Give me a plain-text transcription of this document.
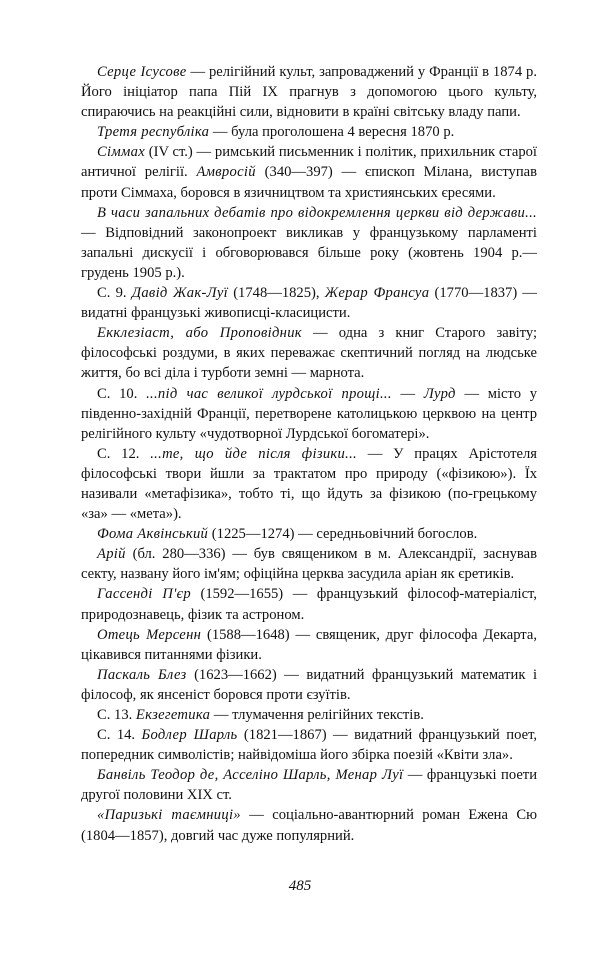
Серце Ісусове — релігійний культ, запроваджений у Франції в 1874 р. Його ініціатор папа Пій IX прагнув з допомогою цього культу, спираючись на реакційні сили, відновити в країні світську владу папи.

Третя республіка — була проголошена 4 вересня 1870 р.

Сіммах (IV ст.) — римський письменник і політик, прихильник старої античної релігії. Амвросій (340—397) — єпископ Мілана, виступав проти Сіммаха, боровся в язичництвом та християнських єресями.

В часи запальних дебатів про відокремлення церкви від держави... — Відповідний законопроект викликав у французькому парламенті запальні дискусії і обговорювався більше року (жовтень 1904 р.— грудень 1905 р.).

С. 9. Давід Жак-Луї (1748—1825), Жерар Франсуа (1770—1837) — видатні французькі живописці-класицисти.

Екклезіаст, або Проповідник — одна з книг Старого завіту; філософські роздуми, в яких переважає скептичний погляд на людське життя, бо всі діла і турботи земні — марнота.

С. 10. ...під час великої лурдської прощі... — Лурд — місто у південно-західній Франції, перетворене католицькою церквою на центр релігійного культу «чудотворної Лурдської богоматері».

С. 12. ...те, що йде після фізики... — У працях Арістотеля філософські твори йшли за трактатом про природу («фізикою»). Їх називали «метафізика», тобто ті, що йдуть за фізикою (по-грецькому «за» — «мета»).

Фома Аквінський (1225—1274) — середньовічний богослов.

Арій (бл. 280—336) — був священиком в м. Александрії, заснував секту, названу його ім'ям; офіційна церква засудила аріан як єретиків.

Гассенді П'єр (1592—1655) — французький філософ-матеріаліст, природознавець, фізик та астроном.

Отець Мерсенн (1588—1648) — священик, друг філософа Декарта, цікавився питаннями фізики.

Паскаль Блез (1623—1662) — видатний французький математик і філософ, як янсеніст боровся проти єзуїтів.

С. 13. Екзегетика — тлумачення релігійних текстів.

С. 14. Бодлер Шарль (1821—1867) — видатний французький поет, попередник символістів; найвідоміша його збірка поезій «Квіти зла».

Банвіль Теодор де, Асселіно Шарль, Менар Луї — французькі поети другої половини XIX ст.

«Паризькі таємниці» — соціально-авантюрний роман Ежена Сю (1804—1857), довгий час дуже популярний.

485
